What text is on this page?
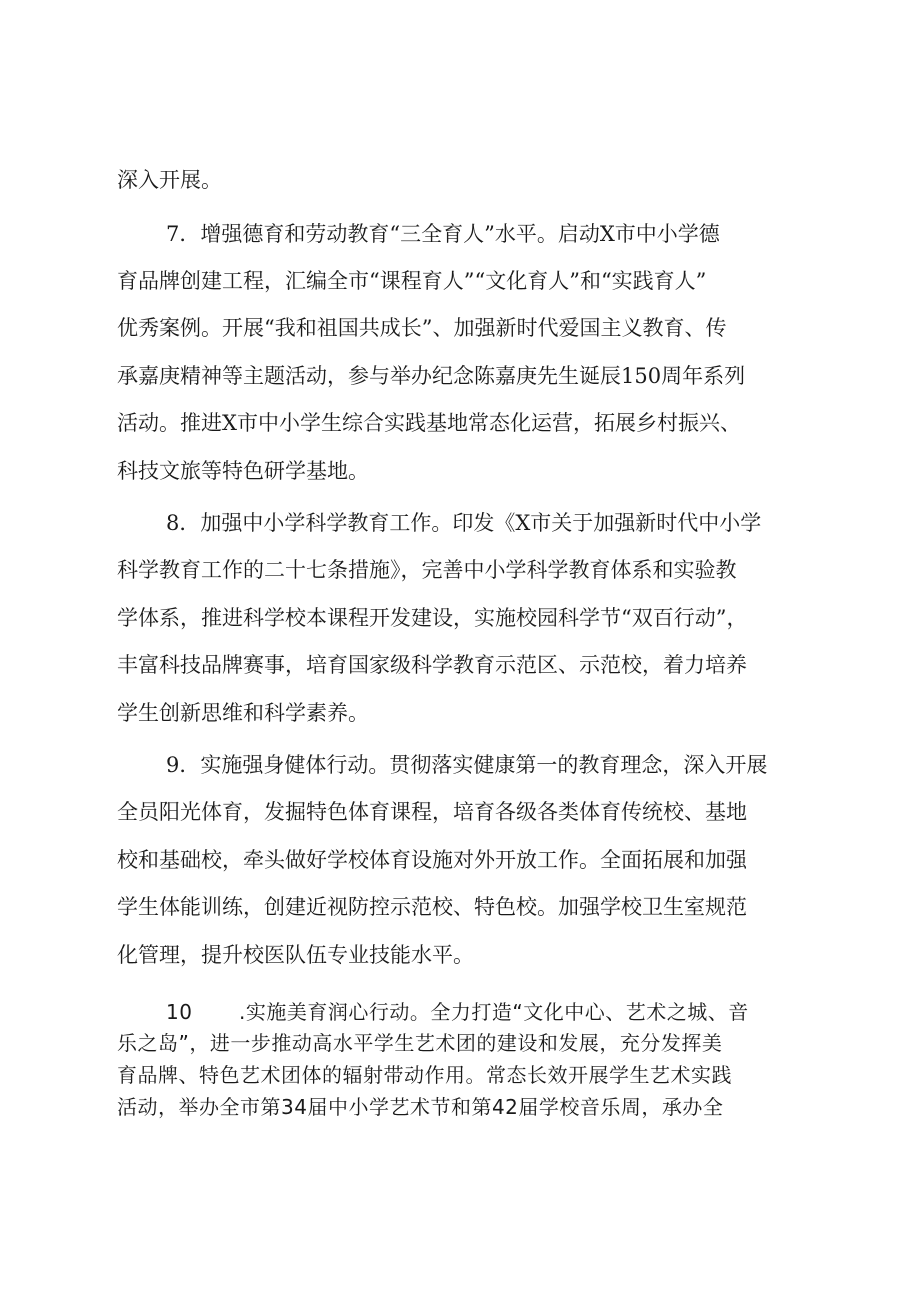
深入开展。
7．增强德育和劳动教育“三全育人”水平。启动X市中小学德
育品牌创建工程，汇编全市“课程育人”“文化育人”和“实践育人”
优秀案例。开展“我和祖国共成长”、加强新时代爱国主义教育、传
承嘉庚精神等主题活动，参与举办纪念陈嘉庚先生诞辰150周年系列
活动。推进X市中小学生综合实践基地常态化运营，拓展乡村振兴、
科技文旅等特色研学基地。
8．加强中小学科学教育工作。印发《X市关于加强新时代中小学
科学教育工作的二十七条措施》，完善中小学科学教育体系和实验教
学体系，推进科学校本课程开发建设，实施校园科学节“双百行动”，
丰富科技品牌赛事，培育国家级科学教育示范区、示范校，着力培养
学生创新思维和科学素养。
9．实施强身健体行动。贯彻落实健康第一的教育理念，深入开展
全员阳光体育，发掘特色体育课程，培育各级各类体育传统校、基地
校和基础校，牵头做好学校体育设施对外开放工作。全面拓展和加强
学生体能训练，创建近视防控示范校、特色校。加强学校卫生室规范
化管理，提升校医队伍专业技能水平。
10	.实施美育润心行动。全力打造“文化中心、艺术之城、音
乐之岛”，进一步推动高水平学生艺术团的建设和发展，充分发挥美
育品牌、特色艺术团体的辐射带动作用。常态长效开展学生艺术实践
活动，举办全市第34届中小学艺术节和第42届学校音乐周，承办全
